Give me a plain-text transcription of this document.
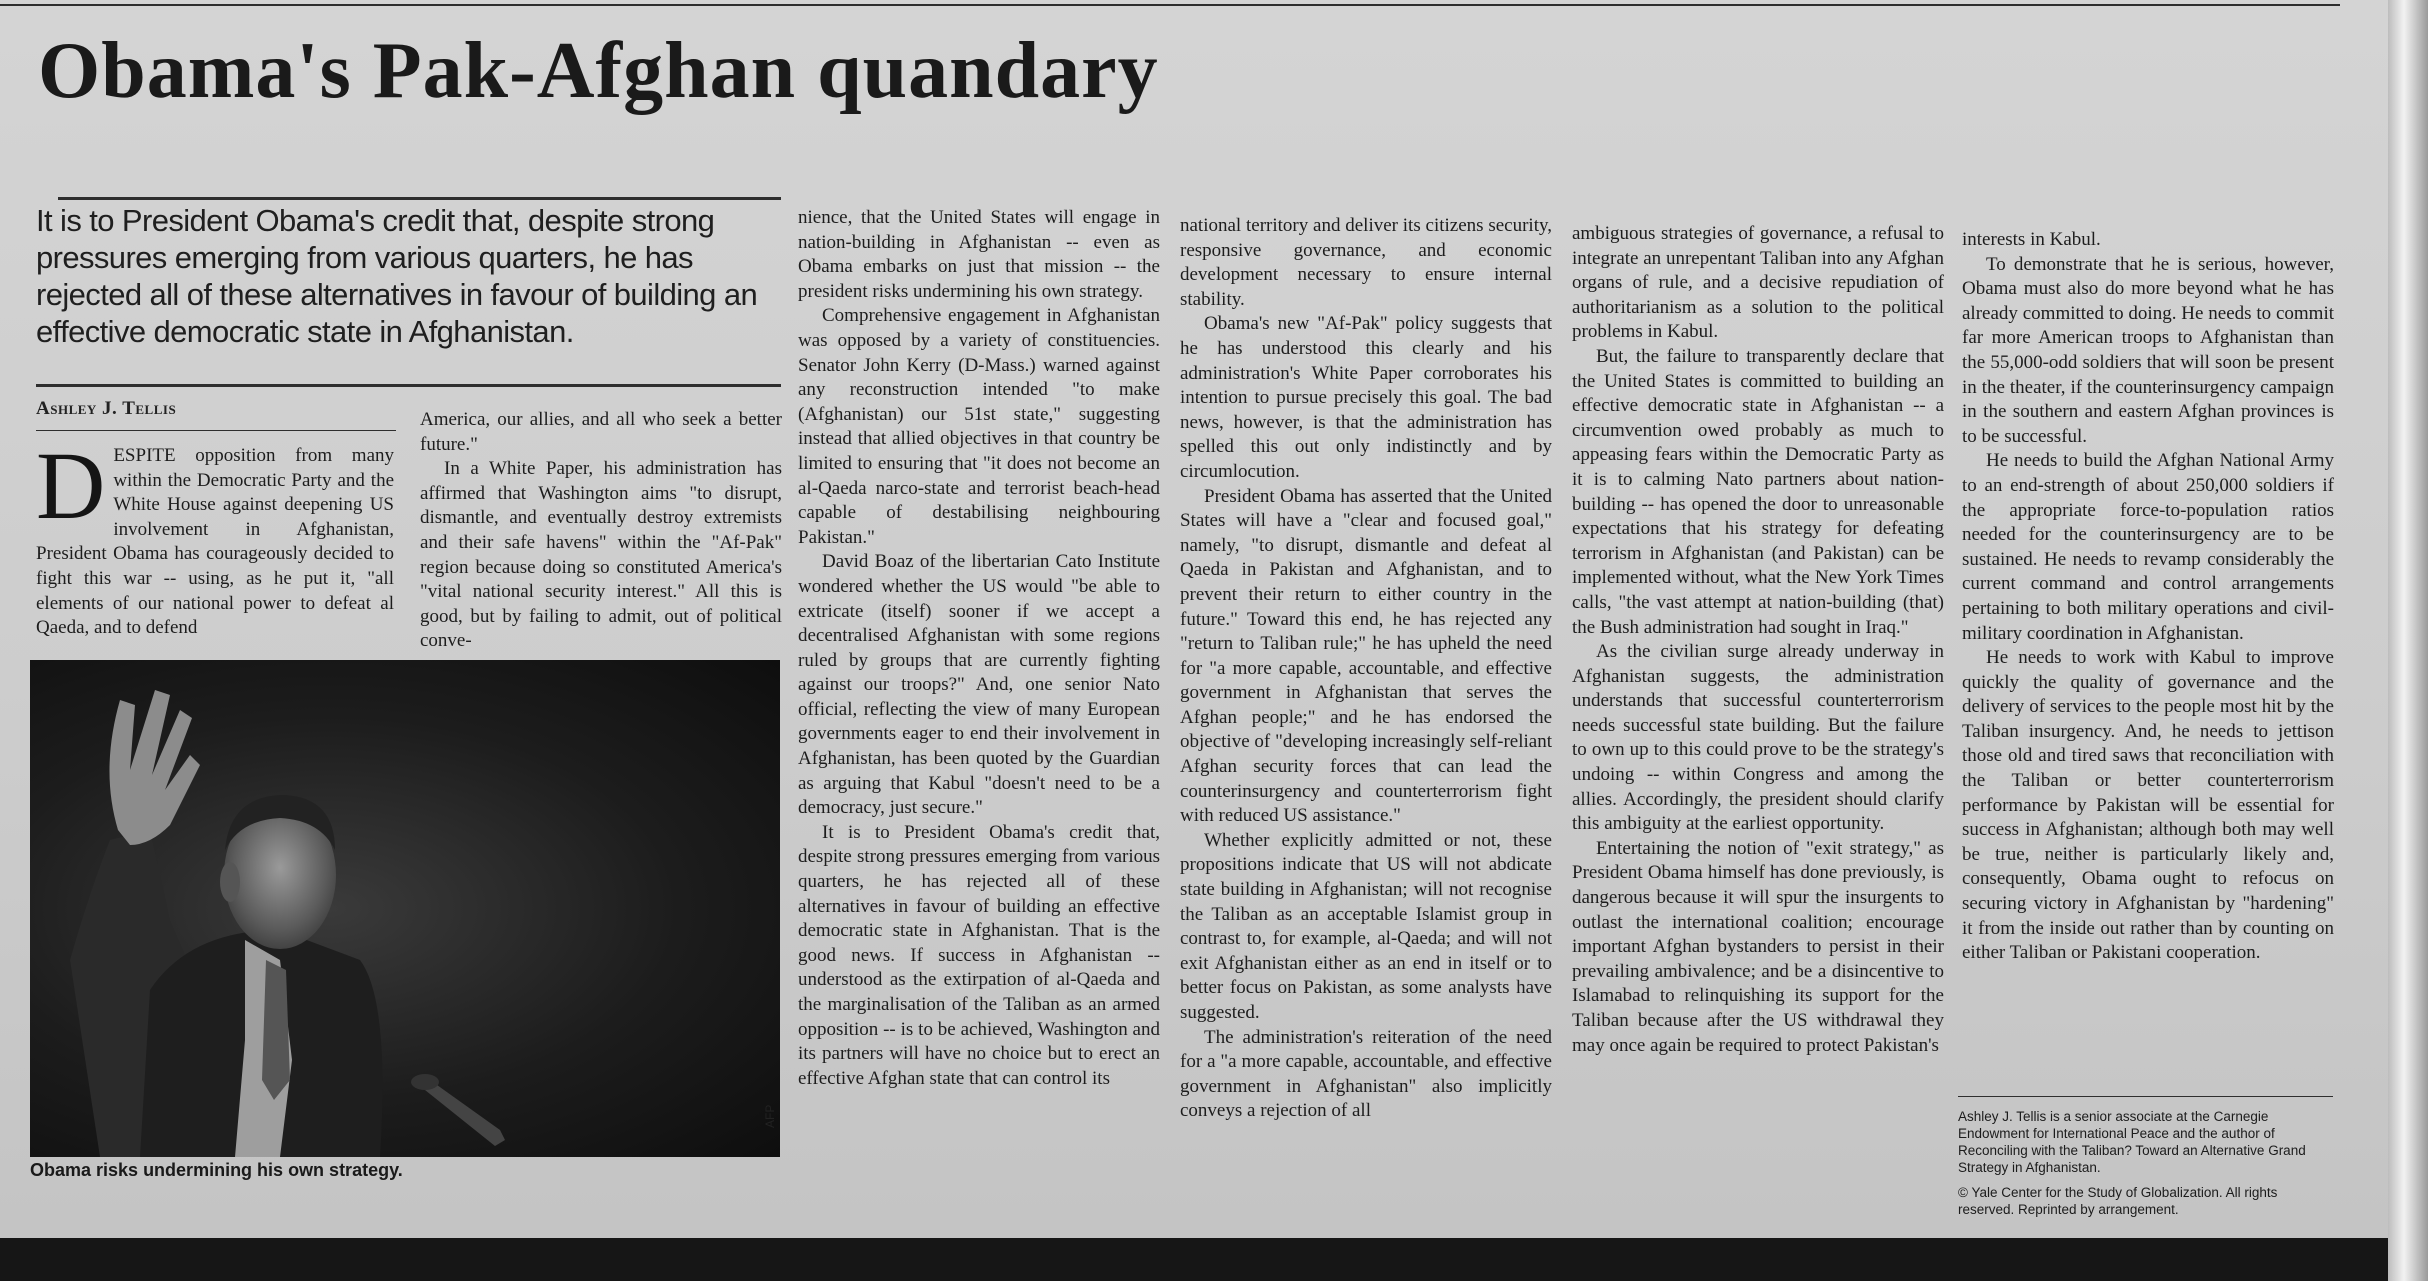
Obama's Pak-Afghan quandary

It is to President Obama's credit that, despite strong pressures emerging from various quarters, he has rejected all of these alternatives in favour of building an effective democratic state in Afghanistan.

Ashley J. Tellis

DESPITE opposition from many within the Democratic Party and the White House against deepening US involvement in Afghanistan, President Obama has courageously decided to fight this war -- using, as he put it, "all elements of our national power to defeat al Qaeda, and to defend

America, our allies, and all who seek a better future."

In a White Paper, his administration has affirmed that Washington aims "to disrupt, dismantle, and eventually destroy extremists and their safe havens" within the "Af-Pak" region because doing so constituted America's "vital national security interest." All this is good, but by failing to admit, out of political conve-

Obama risks undermining his own strategy.
AFP

nience, that the United States will engage in nation-building in Afghanistan -- even as Obama embarks on just that mission -- the president risks undermining his own strategy.

Comprehensive engagement in Afghanistan was opposed by a variety of constituencies. Senator John Kerry (D-Mass.) warned against any reconstruction intended "to make (Afghanistan) our 51st state," suggesting instead that allied objectives in that country be limited to ensuring that "it does not become an al-Qaeda narco-state and terrorist beach-head capable of destabilising neighbouring Pakistan."

David Boaz of the libertarian Cato Institute wondered whether the US would "be able to extricate (itself) sooner if we accept a decentralised Afghanistan with some regions ruled by groups that are currently fighting against our troops?" And, one senior Nato official, reflecting the view of many European governments eager to end their involvement in Afghanistan, has been quoted by the Guardian as arguing that Kabul "doesn't need to be a democracy, just secure."

It is to President Obama's credit that, despite strong pressures emerging from various quarters, he has rejected all of these alternatives in favour of building an effective democratic state in Afghanistan. That is the good news. If success in Afghanistan -- understood as the extirpation of al-Qaeda and the marginalisation of the Taliban as an armed opposition -- is to be achieved, Washington and its partners will have no choice but to erect an effective Afghan state that can control its

national territory and deliver its citizens security, responsive governance, and economic development necessary to ensure internal stability.

Obama's new "Af-Pak" policy suggests that he has understood this clearly and his administration's White Paper corroborates his intention to pursue precisely this goal. The bad news, however, is that the administration has spelled this out only indistinctly and by circumlocution.

President Obama has asserted that the United States will have a "clear and focused goal," namely, "to disrupt, dismantle and defeat al Qaeda in Pakistan and Afghanistan, and to prevent their return to either country in the future." Toward this end, he has rejected any "return to Taliban rule;" he has upheld the need for "a more capable, accountable, and effective government in Afghanistan that serves the Afghan people;" and he has endorsed the objective of "developing increasingly self-reliant Afghan security forces that can lead the counterinsurgency and counterterrorism fight with reduced US assistance."

Whether explicitly admitted or not, these propositions indicate that US will not abdicate state building in Afghanistan; will not recognise the Taliban as an acceptable Islamist group in contrast to, for example, al-Qaeda; and will not exit Afghanistan either as an end in itself or to better focus on Pakistan, as some analysts have suggested.

The administration's reiteration of the need for a "a more capable, accountable, and effective government in Afghanistan" also implicitly conveys a rejection of all

ambiguous strategies of governance, a refusal to integrate an unrepentant Taliban into any Afghan organs of rule, and a decisive repudiation of authoritarianism as a solution to the political problems in Kabul.

But, the failure to transparently declare that the United States is committed to building an effective democratic state in Afghanistan -- a circumvention owed probably as much to appeasing fears within the Democratic Party as it is to calming Nato partners about nation-building -- has opened the door to unreasonable expectations that his strategy for defeating terrorism in Afghanistan (and Pakistan) can be implemented without, what the New York Times calls, "the vast attempt at nation-building (that) the Bush administration had sought in Iraq."

As the civilian surge already underway in Afghanistan suggests, the administration understands that successful counterterrorism needs successful state building. But the failure to own up to this could prove to be the strategy's undoing -- within Congress and among the allies. Accordingly, the president should clarify this ambiguity at the earliest opportunity.

Entertaining the notion of "exit strategy," as President Obama himself has done previously, is dangerous because it will spur the insurgents to outlast the international coalition; encourage important Afghan bystanders to persist in their prevailing ambivalence; and be a disincentive to Islamabad to relinquishing its support for the Taliban because after the US withdrawal they may once again be required to protect Pakistan's

interests in Kabul.

To demonstrate that he is serious, however, Obama must also do more beyond what he has already committed to doing. He needs to commit far more American troops to Afghanistan than the 55,000-odd soldiers that will soon be present in the theater, if the counterinsurgency campaign in the southern and eastern Afghan provinces is to be successful.

He needs to build the Afghan National Army to an end-strength of about 250,000 soldiers if the appropriate force-to-population ratios needed for the counterinsurgency are to be sustained. He needs to revamp considerably the current command and control arrangements pertaining to both military operations and civil-military coordination in Afghanistan.

He needs to work with Kabul to improve quickly the quality of governance and the delivery of services to the people most hit by the Taliban insurgency. And, he needs to jettison those old and tired saws that reconciliation with the Taliban or better counterterrorism performance by Pakistan will be essential for success in Afghanistan; although both may well be true, neither is particularly likely and, consequently, Obama ought to refocus on securing victory in Afghanistan by "hardening" it from the inside out rather than by counting on either Taliban or Pakistani cooperation.

Ashley J. Tellis is a senior associate at the Carnegie Endowment for International Peace and the author of Reconciling with the Taliban? Toward an Alternative Grand Strategy in Afghanistan.

© Yale Center for the Study of Globalization. All rights reserved. Reprinted by arrangement.
